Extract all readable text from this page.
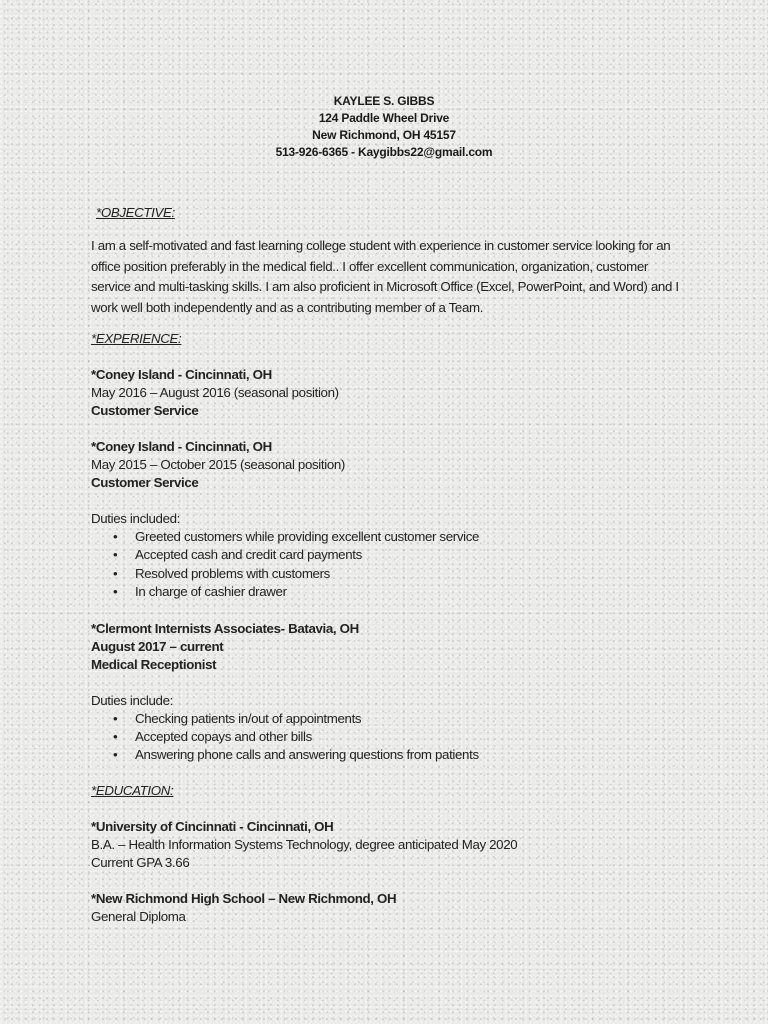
KAYLEE S. GIBBS
124 Paddle Wheel Drive
New Richmond, OH 45157
513-926-6365 - Kaygibbs22@gmail.com

*OBJECTIVE:

I am a self-motivated and fast learning college student with experience in customer service looking for an
office position preferably in the medical field.. I offer excellent communication, organization, customer
service and multi-tasking skills. I am also proficient in Microsoft Office (Excel, PowerPoint, and Word) and I
work well both independently and as a contributing member of a Team.

*EXPERIENCE:

*Coney Island - Cincinnati, OH
May 2016 – August 2016 (seasonal position)
Customer Service
*Coney Island - Cincinnati, OH
May 2015 – October 2015 (seasonal position)
Customer Service
Duties included:
• Greeted customers while providing excellent customer service
• Accepted cash and credit card payments
• Resolved problems with customers
• In charge of cashier drawer
*Clermont Internists Associates- Batavia, OH
August 2017 – current
Medical Receptionist
Duties include:
• Checking patients in/out of appointments
• Accepted copays and other bills
• Answering phone calls and answering questions from patients

*EDUCATION:

*University of Cincinnati - Cincinnati, OH
B.A. – Health Information Systems Technology, degree anticipated May 2020
Current GPA 3.66
*New Richmond High School – New Richmond, OH
General Diploma
